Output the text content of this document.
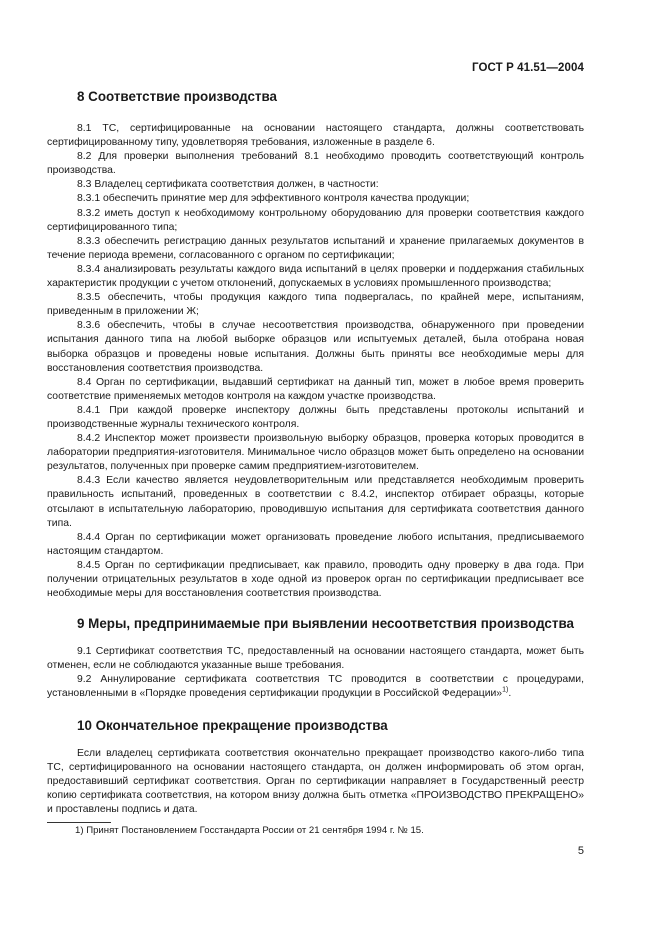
ГОСТ Р 41.51—2004
8 Соответствие производства

8.1 ТС, сертифицированные на основании настоящего стандарта, должны соответствовать сертифицированному типу, удовлетворяя требования, изложенные в разделе 6.

8.2 Для проверки выполнения требований 8.1 необходимо проводить соответствующий контроль производства.

8.3 Владелец сертификата соответствия должен, в частности:

8.3.1 обеспечить принятие мер для эффективного контроля качества продукции;

8.3.2 иметь доступ к необходимому контрольному оборудованию для проверки соответствия каждого сертифицированного типа;

8.3.3 обеспечить регистрацию данных результатов испытаний и хранение прилагаемых документов в течение периода времени, согласованного с органом по сертификации;

8.3.4 анализировать результаты каждого вида испытаний в целях проверки и поддержания стабильных характеристик продукции с учетом отклонений, допускаемых в условиях промышленного производства;

8.3.5 обеспечить, чтобы продукция каждого типа подвергалась, по крайней мере, испытаниям, приведенным в приложении Ж;

8.3.6 обеспечить, чтобы в случае несоответствия производства, обнаруженного при проведении испытания данного типа на любой выборке образцов или испытуемых деталей, была отобрана новая выборка образцов и проведены новые испытания. Должны быть приняты все необходимые меры для восстановления соответствия производства.

8.4 Орган по сертификации, выдавший сертификат на данный тип, может в любое время проверить соответствие применяемых методов контроля на каждом участке производства.

8.4.1 При каждой проверке инспектору должны быть представлены протоколы испытаний и производственные журналы технического контроля.

8.4.2 Инспектор может произвести произвольную выборку образцов, проверка которых проводится в лаборатории предприятия-изготовителя. Минимальное число образцов может быть определено на основании результатов, полученных при проверке самим предприятием-изготовителем.

8.4.3 Если качество является неудовлетворительным или представляется необходимым проверить правильность испытаний, проведенных в соответствии с 8.4.2, инспектор отбирает образцы, которые отсылают в испытательную лабораторию, проводившую испытания для сертификата соответствия данного типа.

8.4.4 Орган по сертификации может организовать проведение любого испытания, предписываемого настоящим стандартом.

8.4.5 Орган по сертификации предписывает, как правило, проводить одну проверку в два года. При получении отрицательных результатов в ходе одной из проверок орган по сертификации предписывает все необходимые меры для восстановления соответствия производства.

9 Меры, предпринимаемые при выявлении несоответствия производства

9.1 Сертификат соответствия ТС, предоставленный на основании настоящего стандарта, может быть отменен, если не соблюдаются указанные выше требования.

9.2 Аннулирование сертификата соответствия ТС проводится в соответствии с процедурами, установленными в «Порядке проведения сертификации продукции в Российской Федерации»$^{1)}$.

10 Окончательное прекращение производства

Если владелец сертификата соответствия окончательно прекращает производство какого-либо типа ТС, сертифицированного на основании настоящего стандарта, он должен информировать об этом орган, предоставивший сертификат соответствия. Орган по сертификации направляет в Государственный реестр копию сертификата соответствия, на котором внизу должна быть отметка «ПРОИЗВОДСТВО ПРЕКРАЩЕНО» и проставлены подпись и дата.

1) Принят Постановлением Госстандарта России от 21 сентября 1994 г. № 15.
5
